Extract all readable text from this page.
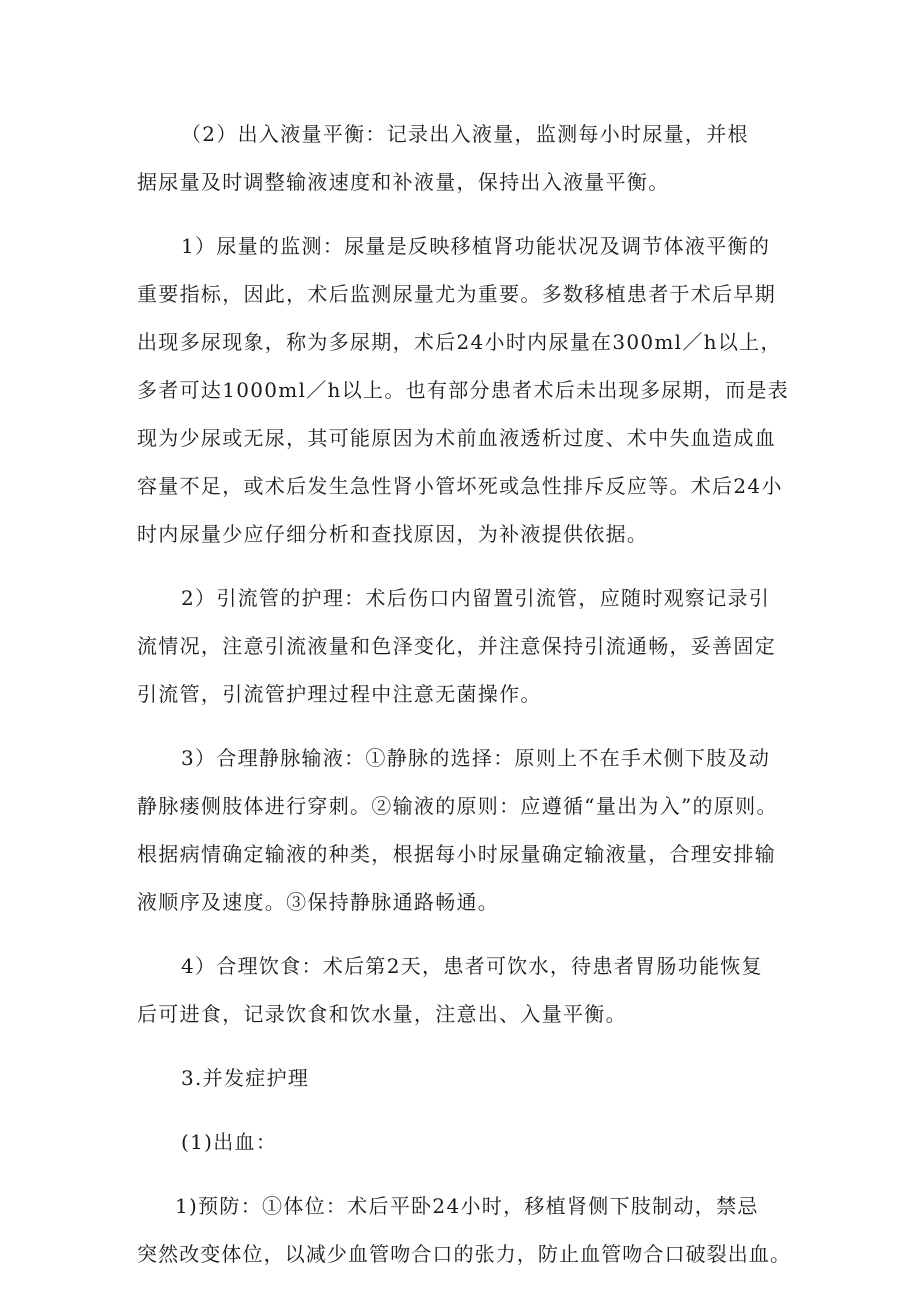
（2）出入液量平衡：记录出入液量，监测每小时尿量，并根
据尿量及时调整输液速度和补液量，保持出入液量平衡。

1）尿量的监测：尿量是反映移植肾功能状况及调节体液平衡的
重要指标，因此，术后监测尿量尤为重要。多数移植患者于术后早期
出现多尿现象，称为多尿期，术后24小时内尿量在300ml／h以上，
多者可达1000ml／h以上。也有部分患者术后未出现多尿期，而是表
现为少尿或无尿，其可能原因为术前血液透析过度、术中失血造成血
容量不足，或术后发生急性肾小管坏死或急性排斥反应等。术后24小
时内尿量少应仔细分析和查找原因，为补液提供依据。

2）引流管的护理：术后伤口内留置引流管，应随时观察记录引
流情况，注意引流液量和色泽变化，并注意保持引流通畅，妥善固定
引流管，引流管护理过程中注意无菌操作。

3）合理静脉输液：①静脉的选择：原则上不在手术侧下肢及动
静脉瘘侧肢体进行穿刺。②输液的原则：应遵循“量出为入”的原则。
根据病情确定输液的种类，根据每小时尿量确定输液量，合理安排输
液顺序及速度。③保持静脉通路畅通。

4）合理饮食：术后第2天，患者可饮水，待患者胃肠功能恢复
后可进食，记录饮食和饮水量，注意出、入量平衡。

3.并发症护理

(1)出血：

1)预防：①体位：术后平卧24小时，移植肾侧下肢制动，禁忌
突然改变体位，以减少血管吻合口的张力，防止血管吻合口破裂出血。
